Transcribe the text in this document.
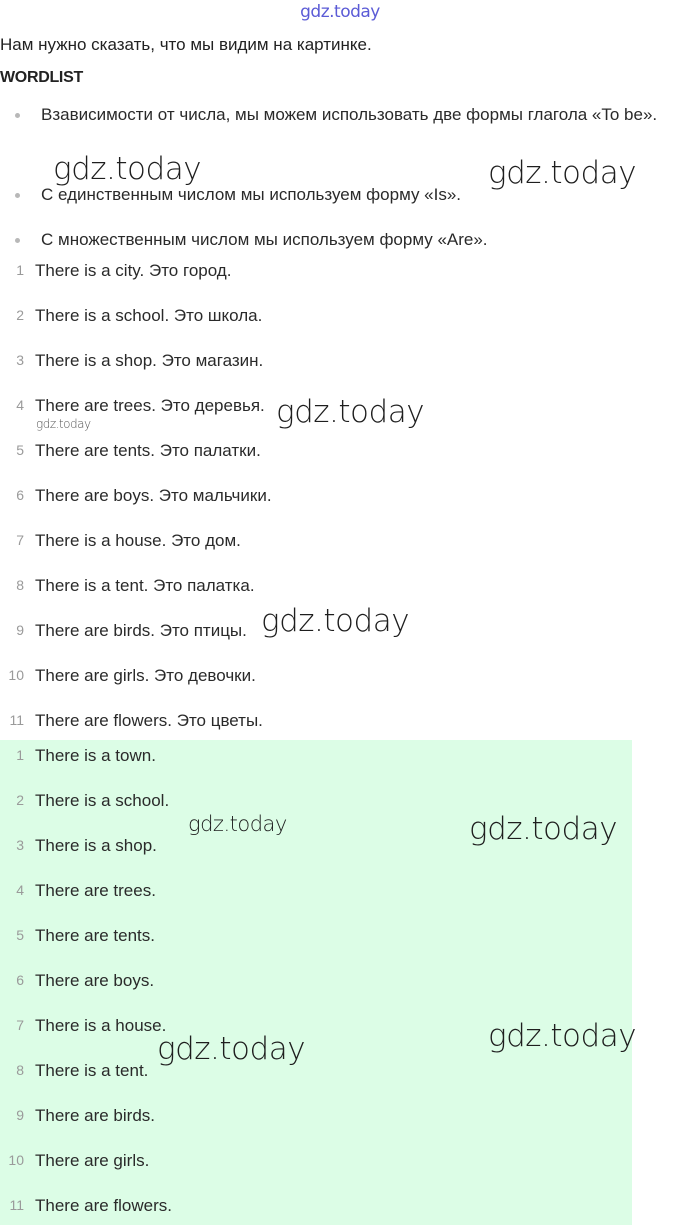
gdz.today
Нам нужно сказать, что мы видим на картинке.
WORDLIST
Взависимости от числа, мы можем использовать две формы глагола «To be».
С единственным числом мы используем форму «Is».
С множественным числом мы используем форму «Are».
1 There is a city. Это город.
2 There is a school. Это школа.
3 There is a shop. Это магазин.
4 There are trees. Это деревья.
5 There are tents. Это палатки.
6 There are boys. Это мальчики.
7 There is a house. Это дом.
8 There is a tent. Это палатка.
9 There are birds. Это птицы.
10 There are girls. Это девочки.
11 There are flowers. Это цветы.
1 There is a town.
2 There is a school.
3 There is a shop.
4 There are trees.
5 There are tents.
6 There are boys.
7 There is a house.
8 There is a tent.
9 There are birds.
10 There are girls.
11 There are flowers.
gdz.today	gdz.today
gdz.today
gdz.today
gdz.today
gdz.today	gdz.today
gdz.today
gdz.today
